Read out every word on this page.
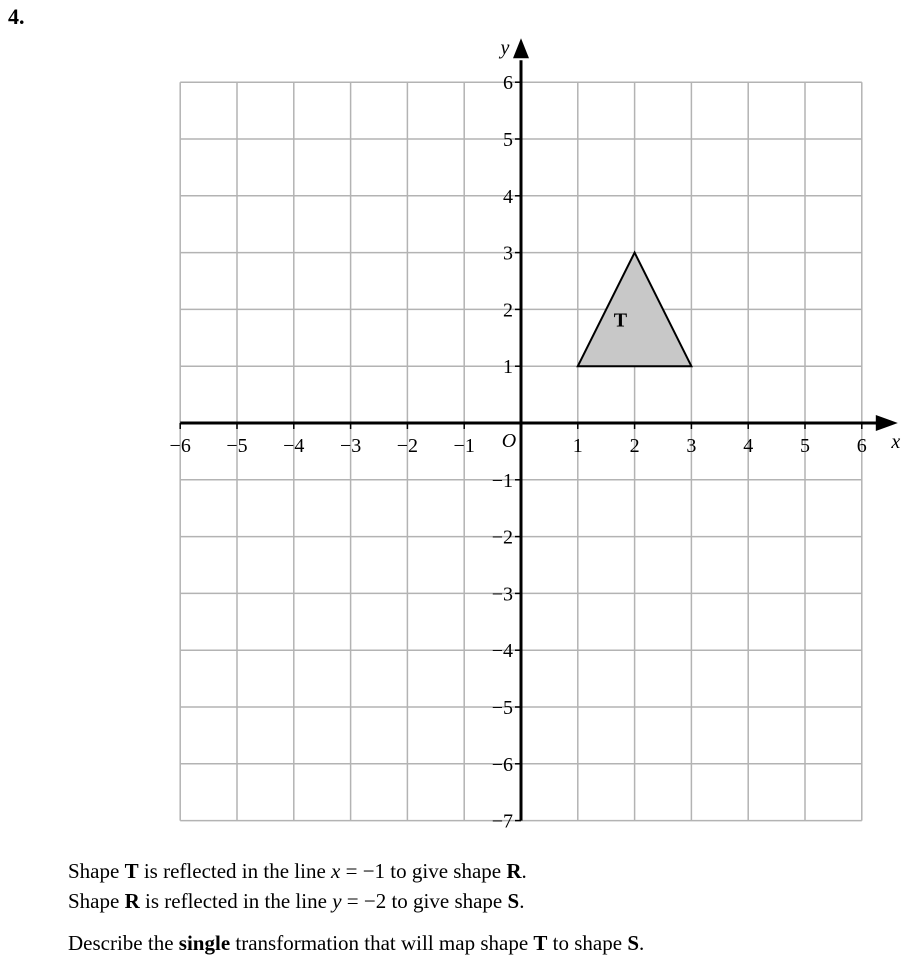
4.
T
−6 −5 −4 −3 −2 −1	1 2 3 4 5 6
−7
−6
−5
−4
−3
−2
−1
1
2
3
4
5
6
O	x
y

Shape T is reflected in the line x = −1 to give shape R.

Shape R is reflected in the line y = −2 to give shape S.

Describe the single transformation that will map shape T to shape S.
